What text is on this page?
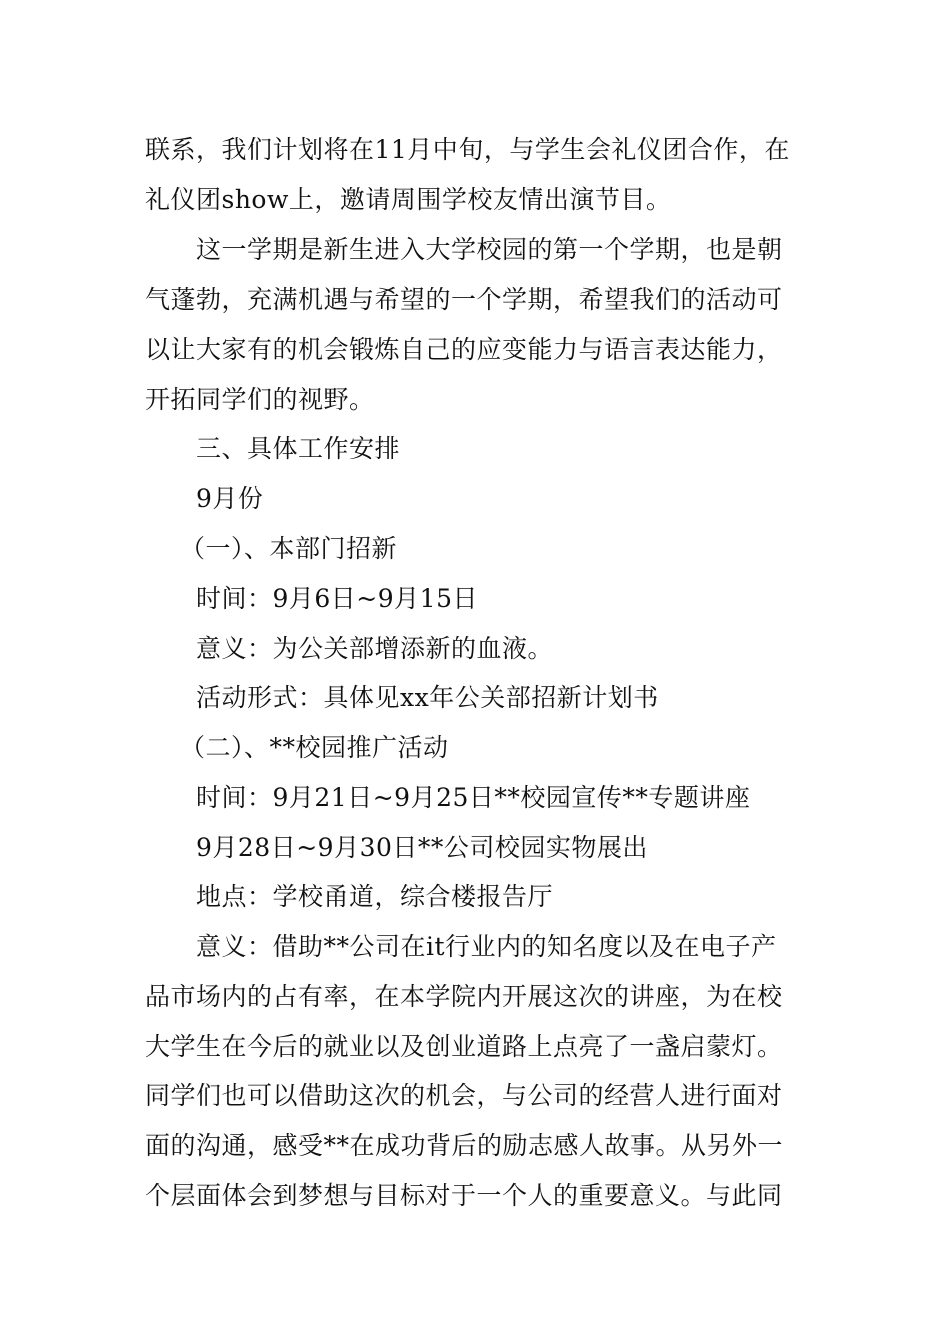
联系，我们计划将在11月中旬，与学生会礼仪团合作，在
礼仪团show上，邀请周围学校友情出演节目。
这一学期是新生进入大学校园的第一个学期，也是朝
气蓬勃，充满机遇与希望的一个学期，希望我们的活动可
以让大家有的机会锻炼自己的应变能力与语言表达能力，
开拓同学们的视野。
三、具体工作安排
9月份
（一）、本部门招新
时间：9月6日~9月15日
意义：为公关部增添新的血液。
活动形式：具体见xx年公关部招新计划书
（二）、**校园推广活动
时间：9月21日~9月25日**校园宣传**专题讲座
9月28日~9月30日**公司校园实物展出
地点：学校甬道，综合楼报告厅
意义：借助**公司在it行业内的知名度以及在电子产
品市场内的占有率，在本学院内开展这次的讲座，为在校
大学生在今后的就业以及创业道路上点亮了一盏启蒙灯。
同学们也可以借助这次的机会，与公司的经营人进行面对
面的沟通，感受**在成功背后的励志感人故事。从另外一
个层面体会到梦想与目标对于一个人的重要意义。与此同
